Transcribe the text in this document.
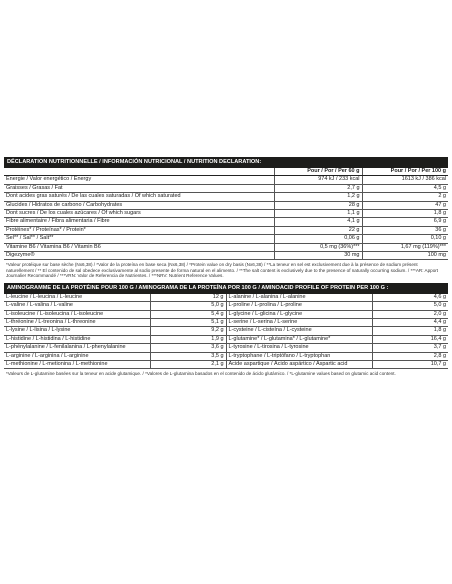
DÉCLARATION NUTRITIONNELLE / INFORMACIÓN NUTRICIONAL / NUTRITION DECLARATION:
	Pour / Por / Per 60 g	Pour / Por / Per 100 g
Énergie / Valor energético / Energy	974 kJ / 233 kcal	1613 kJ / 386 kcal
Graisses / Grasas / Fat	2,7 g	4,5 g
Dont acides gras saturés / De las cuales saturadas / Of which saturated	1,2 g	2 g
Glucides / Hidratos de carbono / Carbohydrates	28 g	47 g
Dont sucres / De los cuales azúcares / Of which sugars	1,1 g	1,8 g
Fibre alimentaire / Fibra alimentaria / Fibre	4,1 g	6,9 g
Protéines* / Proteínas* / Protein*	22 g	36 g
Sel** / Sal** / Salt**	0,06 g	0,10 g
Vitamine B6 / Vitamina B6 / Vitamin B6	0,5 mg (36%)***	1,67 mg (119%)***
Digezyme®	30 mg	100 mg
*Valeur protéique sur base sèche (Nx6,38) / *Valor de la proteína en base seca (Nx6,38) / *Protein value on dry basis (Nx6,38) / **La teneur en sel est exclusivement due à la présence de sodium présent naturellement / ** El contenido de sal obedece exclusivamente al sodio presente de forma natural en el alimento. / **The salt content is exclusively due to the presence of naturally occurring sodium. / ***AR: Apport Journalier Recommandé / ***VRN: Valor de Referencia de Nutrientes. / ***NRV: Nutrient Reference Values.
AMINOGRAMME DE LA PROTÉINE POUR 100 G / AMINOGRAMA DE LA PROTEÍNA POR 100 G / AMINOACID PROFILE OF PROTEIN PER 100 G :
L-leucine / L-leucina / L-leucine	12 g	L-alanine / L-alanina / L-alanine	4,6 g
L-valine / L-valina / L-valine	5,0 g	L-proline / L-prolina / L-proline	5,0 g
L-isoleucine / L-isoleucina / L-isoleucine	5,4 g	L-glycine / L-glicina / L-glycine	2,0 g
L-thréonine / L-treonina / L-threonine	5,1 g	L-serine / L-serina / L-serine	4,4 g
L-lysine / L-lisina / L-lysine	9,2 g	L-cysteine / L-cisteína / L-cysteine	1,8 g
L-histidine / L-histidina / L-histidine	1,9 g	L-glutamine* / L-glutamina* / L-glutamine*	16,4 g
L-phénylalanine / L-fenilalanina / L-phenylalanine	3,6 g	L-tyrosine / L-tirosina / L-tyrosine	3,7 g
L-arginine / L-arginina / L-arginine	3,5 g	L-tryptophane / L-triptófano / L-tryptophan	2,8 g
L-methionine / L-metionina / L-methionine	2,1 g	Acide aspartique / Ácido aspártico / Aspartic acid	10,7 g
*Valeurs de L-glutamine basées sur la teneur en acide glutamique. / *Valores de L-glutamina basados en el contenido de ácido glutámico. / *L-glutamine values based on glutamic acid content.
